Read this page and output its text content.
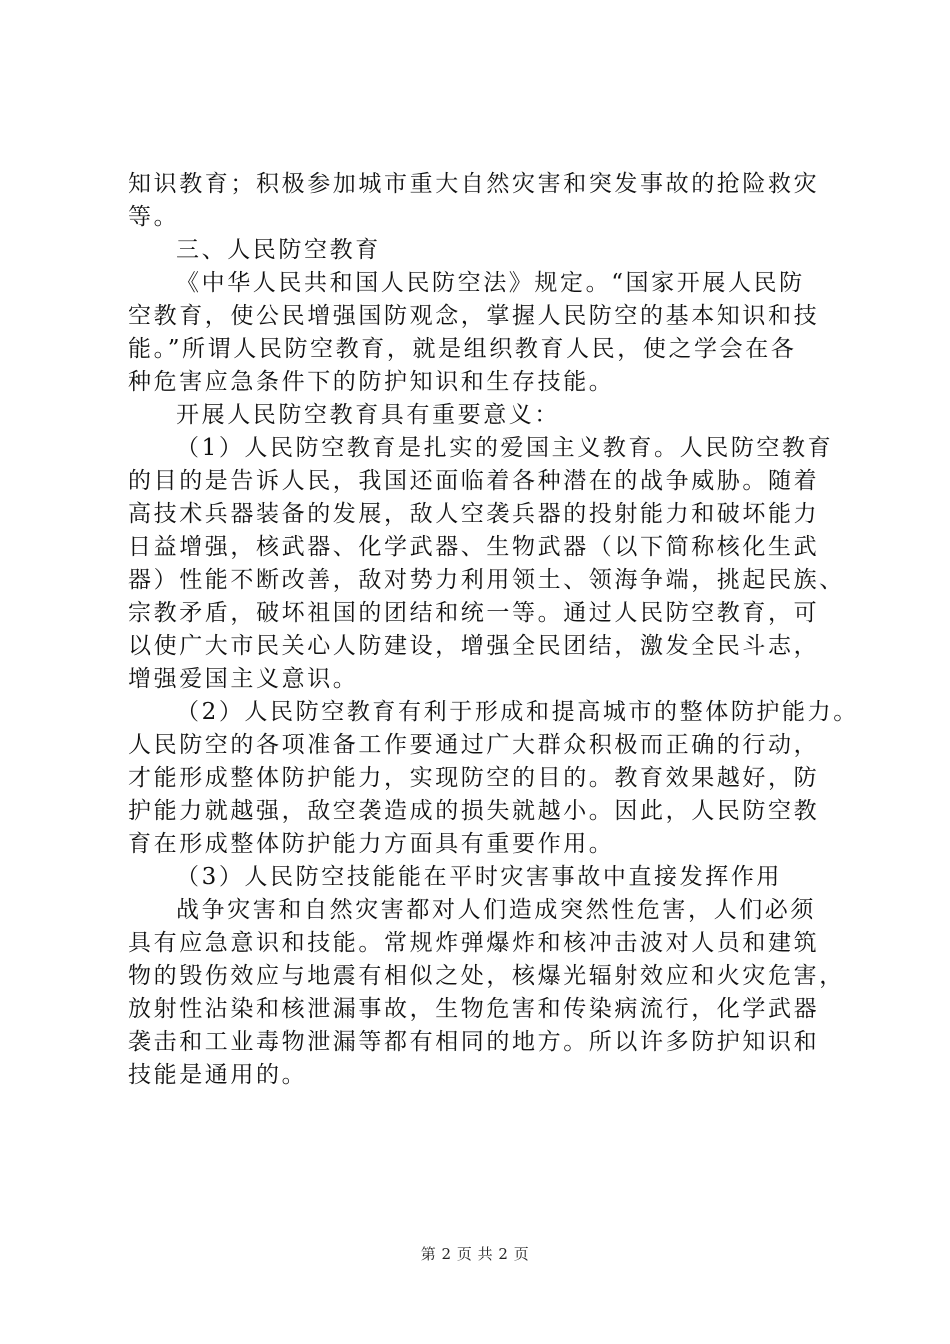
知识教育；积极参加城市重大自然灾害和突发事故的抢险救灾
等。
三、人民防空教育
《中华人民共和国人民防空法》规定。“国家开展人民防
空教育，使公民增强国防观念，掌握人民防空的基本知识和技
能。”所谓人民防空教育，就是组织教育人民，使之学会在各
种危害应急条件下的防护知识和生存技能。
开展人民防空教育具有重要意义：
（1）人民防空教育是扎实的爱国主义教育。人民防空教育
的目的是告诉人民，我国还面临着各种潜在的战争威胁。随着
高技术兵器装备的发展，敌人空袭兵器的投射能力和破坏能力
日益增强，核武器、化学武器、生物武器（以下简称核化生武
器）性能不断改善，敌对势力利用领土、领海争端，挑起民族、
宗教矛盾，破坏祖国的团结和统一等。通过人民防空教育，可
以使广大市民关心人防建设，增强全民团结，激发全民斗志，
增强爱国主义意识。
（2）人民防空教育有利于形成和提高城市的整体防护能力。
人民防空的各项准备工作要通过广大群众积极而正确的行动，
才能形成整体防护能力，实现防空的目的。教育效果越好，防
护能力就越强，敌空袭造成的损失就越小。因此，人民防空教
育在形成整体防护能力方面具有重要作用。
（3）人民防空技能能在平时灾害事故中直接发挥作用
战争灾害和自然灾害都对人们造成突然性危害，人们必须
具有应急意识和技能。常规炸弹爆炸和核冲击波对人员和建筑
物的毁伤效应与地震有相似之处，核爆光辐射效应和火灾危害，
放射性沾染和核泄漏事故，生物危害和传染病流行，化学武器
袭击和工业毒物泄漏等都有相同的地方。所以许多防护知识和
技能是通用的。
第 2 页 共 2 页
